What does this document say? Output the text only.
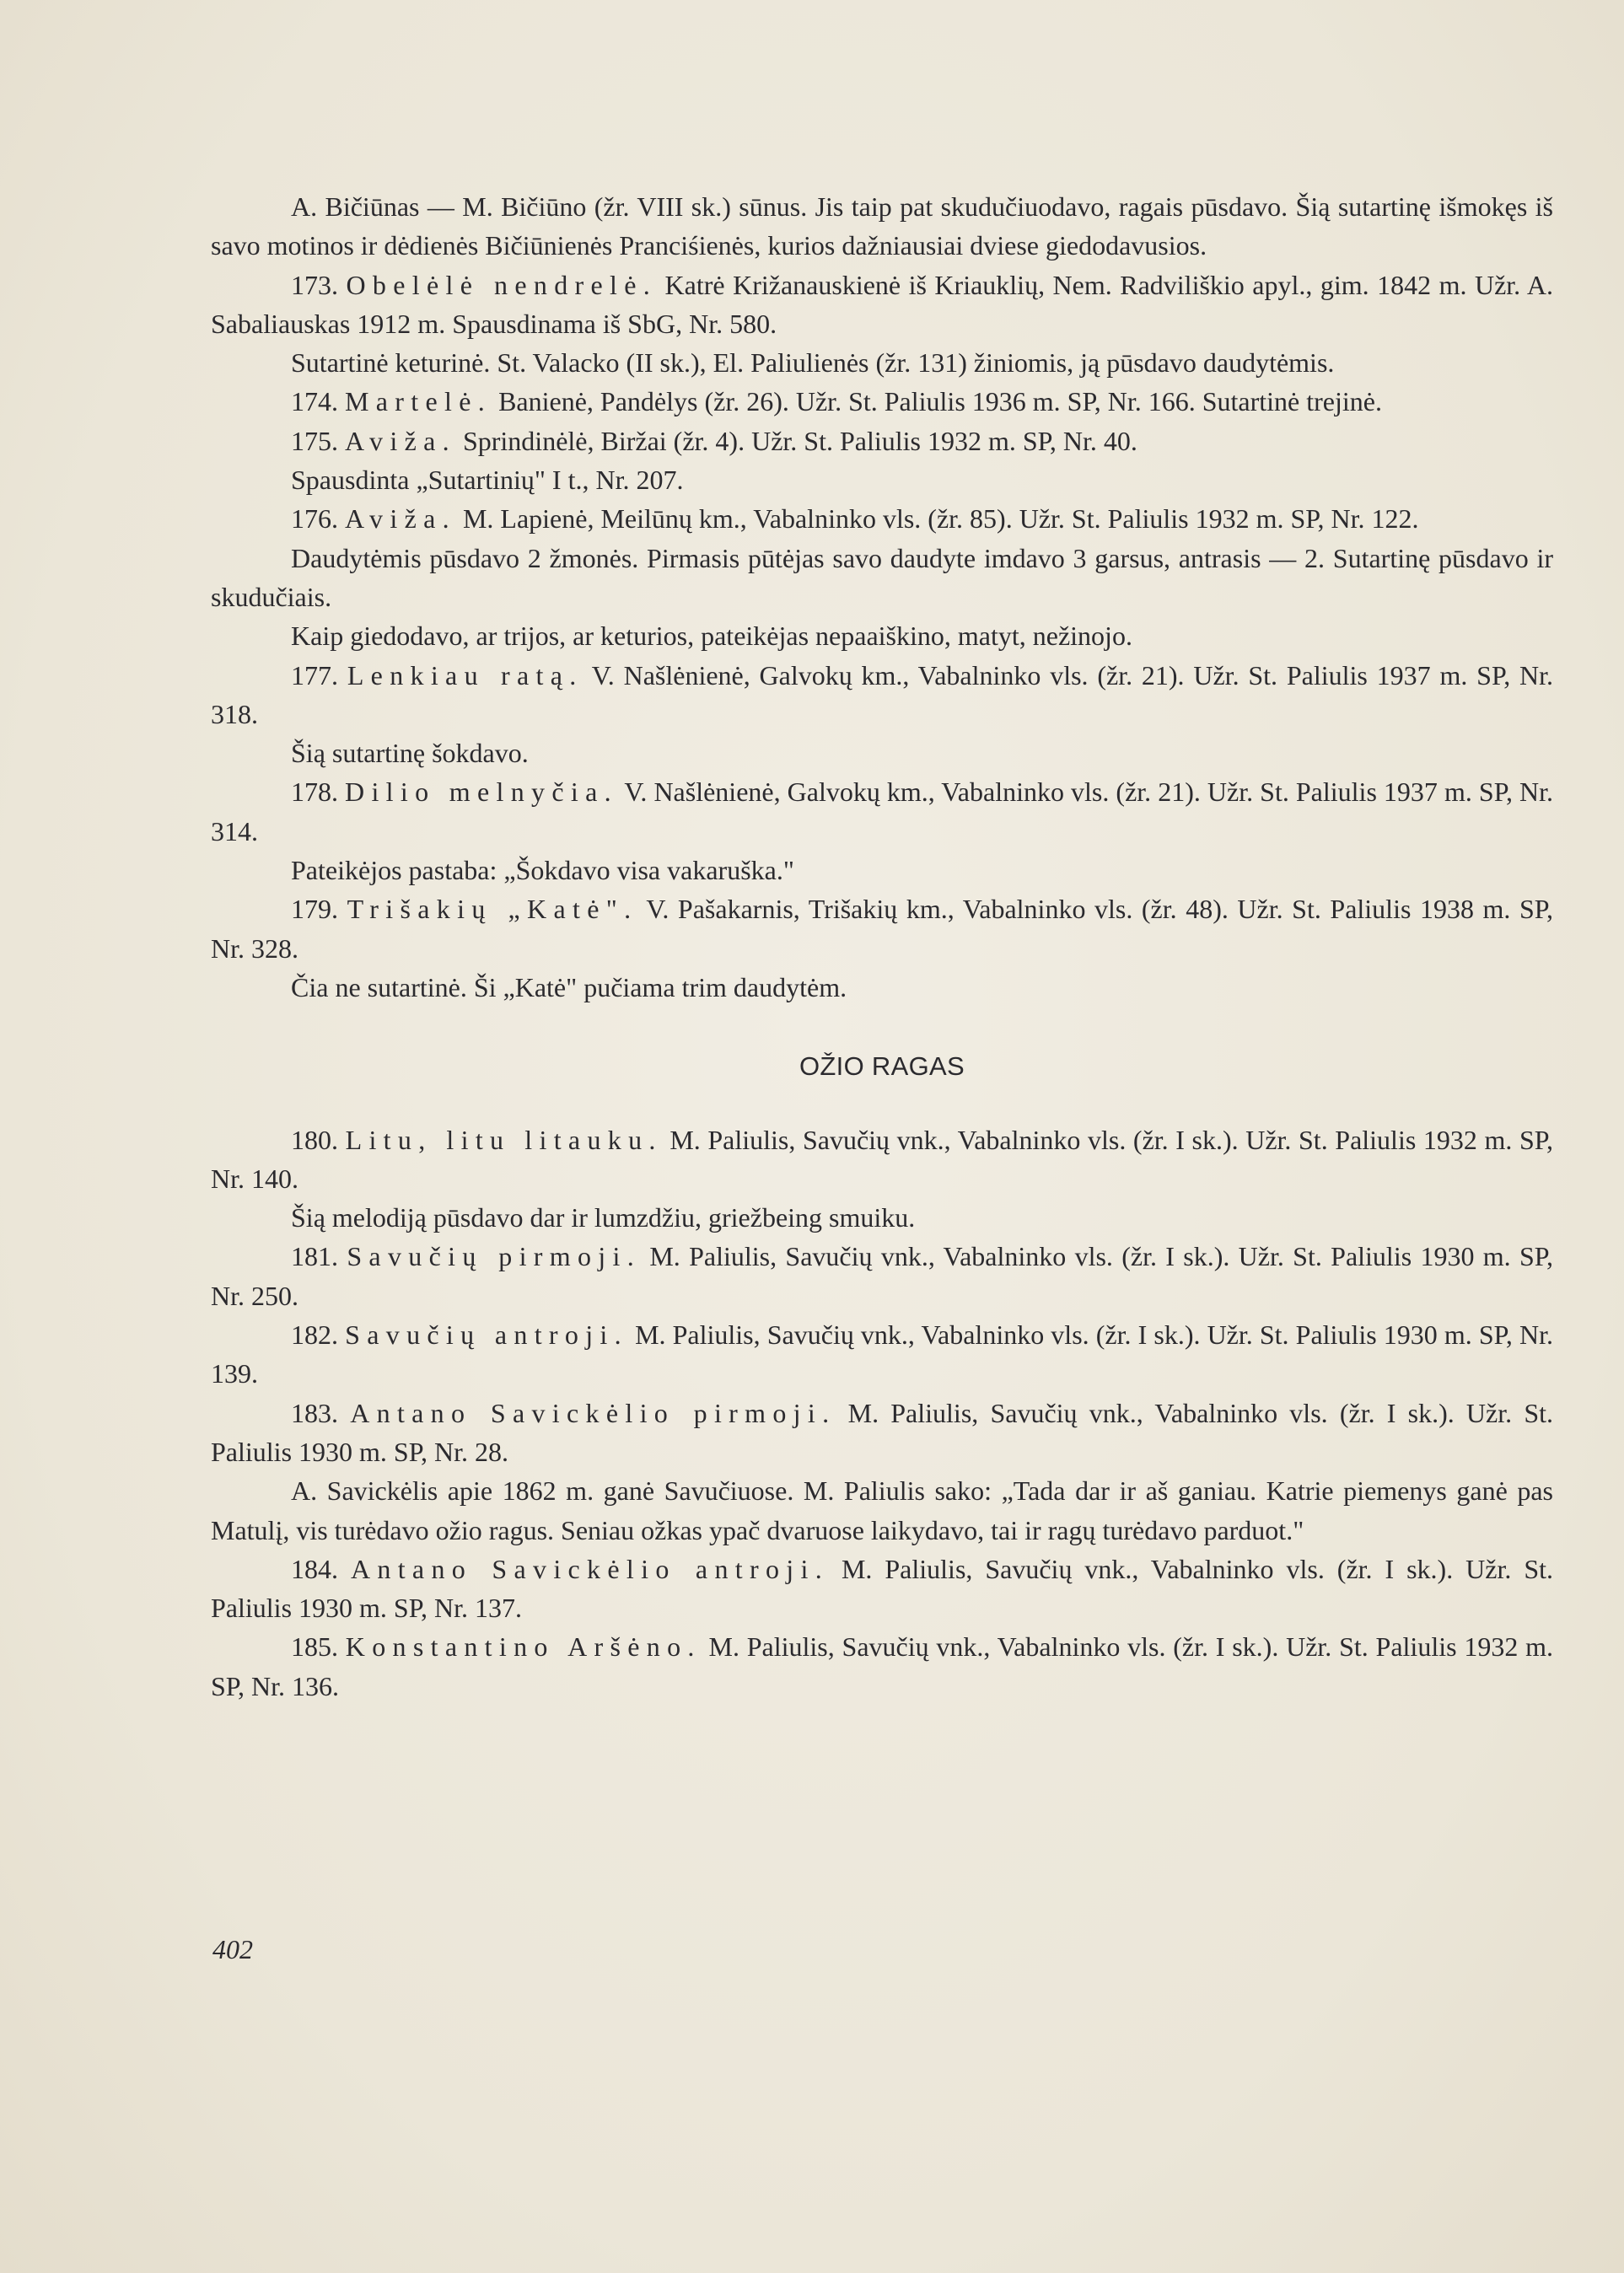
A. Bičiūnas — M. Bičiūno (žr. VIII sk.) sūnus. Jis taip pat skudučiuodavo, ragais pūsdavo. Šią sutartinę išmokęs iš savo motinos ir dėdienės Bičiūnienės Pranciśienės, kurios dažniausiai dviese giedodavusios.

173. Obelėlė nendrelė. Katrė Križanauskienė iš Kriauklių, Nem. Radviliškio apyl., gim. 1842 m. Užr. A. Sabaliauskas 1912 m. Spausdinama iš SbG, Nr. 580.

Sutartinė keturinė. St. Valacko (II sk.), El. Paliulienės (žr. 131) žiniomis, ją pūsdavo daudytėmis.

174. Martelė. Banienė, Pandėlys (žr. 26). Užr. St. Paliulis 1936 m. SP, Nr. 166. Sutartinė trejinė.

175. Aviža. Sprindinėlė, Biržai (žr. 4). Užr. St. Paliulis 1932 m. SP, Nr. 40.

Spausdinta „Sutartinių" I t., Nr. 207.

176. Aviža. M. Lapienė, Meilūnų km., Vabalninko vls. (žr. 85). Užr. St. Paliulis 1932 m. SP, Nr. 122.

Daudytėmis pūsdavo 2 žmonės. Pirmasis pūtėjas savo daudyte imdavo 3 garsus, antrasis — 2. Sutartinę pūsdavo ir skudučiais.

Kaip giedodavo, ar trijos, ar keturios, pateikėjas nepaaiškino, matyt, nežinojo.

177. Lenkiau ratą. V. Našlėnienė, Galvokų km., Vabalninko vls. (žr. 21). Užr. St. Paliulis 1937 m. SP, Nr. 318.

Šią sutartinę šokdavo.

178. Dilio melnyčia. V. Našlėnienė, Galvokų km., Vabalninko vls. (žr. 21). Užr. St. Paliulis 1937 m. SP, Nr. 314.

Pateikėjos pastaba: „Šokdavo visa vakaruška."

179. Trišakių „Katė". V. Pašakarnis, Trišakių km., Vabalninko vls. (žr. 48). Užr. St. Paliulis 1938 m. SP, Nr. 328.

Čia ne sutartinė. Ši „Katė" pučiama trim daudytėm.

OŽIO RAGAS

180. Litu, litu litauku. M. Paliulis, Savučių vnk., Vabalninko vls. (žr. I sk.). Užr. St. Paliulis 1932 m. SP, Nr. 140.

Šią melodiją pūsdavo dar ir lumzdžiu, griežbeing smuiku.

181. Savučių pirmoji. M. Paliulis, Savučių vnk., Vabalninko vls. (žr. I sk.). Užr. St. Paliulis 1930 m. SP, Nr. 250.

182. Savučių antroji. M. Paliulis, Savučių vnk., Vabalninko vls. (žr. I sk.). Užr. St. Paliulis 1930 m. SP, Nr. 139.

183. Antano Savickėlio pirmoji. M. Paliulis, Savučių vnk., Vabalninko vls. (žr. I sk.). Užr. St. Paliulis 1930 m. SP, Nr. 28.

A. Savickėlis apie 1862 m. ganė Savučiuose. M. Paliulis sako: „Tada dar ir aš ganiau. Katrie piemenys ganė pas Matulį, vis turėdavo ožio ragus. Seniau ožkas ypač dvaruose laikydavo, tai ir ragų turėdavo parduot."

184. Antano Savickėlio antroji. M. Paliulis, Savučių vnk., Vabalninko vls. (žr. I sk.). Užr. St. Paliulis 1930 m. SP, Nr. 137.

185. Konstantino Aršėno. M. Paliulis, Savučių vnk., Vabalninko vls. (žr. I sk.). Užr. St. Paliulis 1932 m. SP, Nr. 136.

402
